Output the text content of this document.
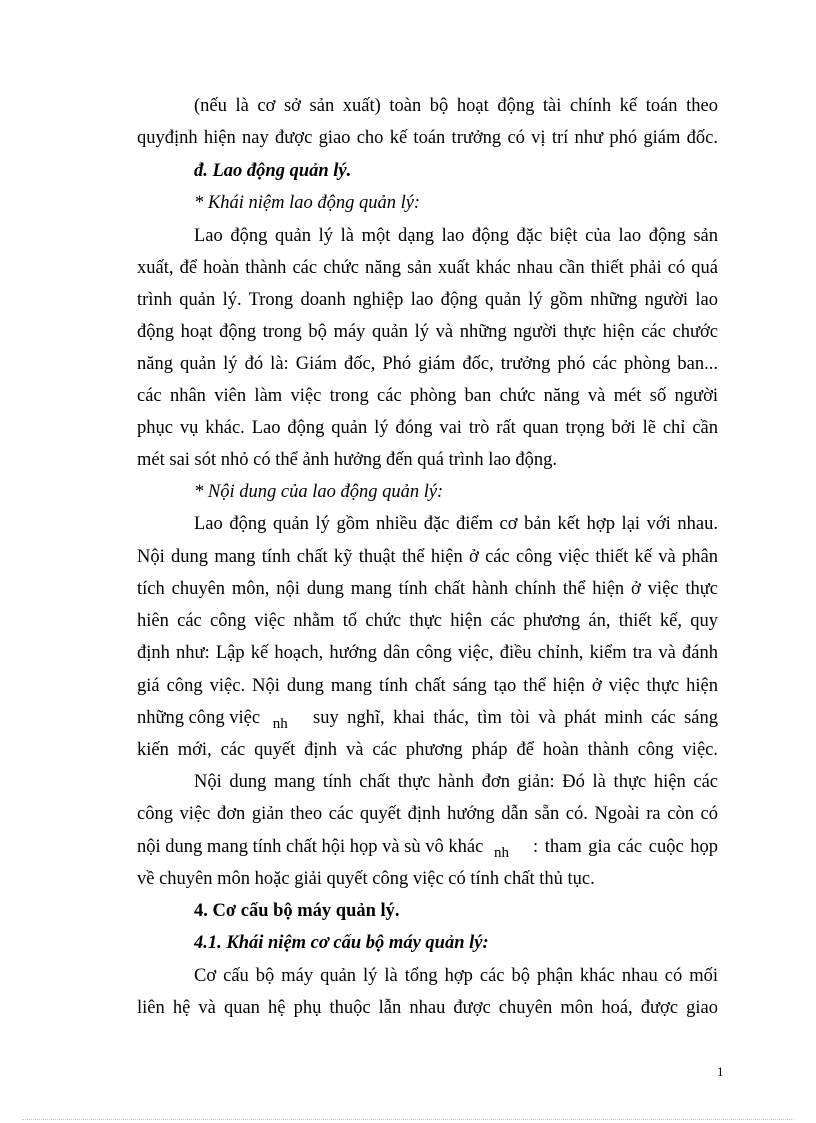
(nếu là cơ sở sản xuất) toàn bộ hoạt động tài chính kế toán theo
quyđịnh hiện nay được giao cho kế toán trưởng có vị trí như phó giám đốc.
đ. Lao động quản lý.
* Khái niệm lao động quản lý:
Lao động quản lý là một dạng lao động đặc biệt của lao động sản
xuất, để hoàn thành các chức năng sản xuất khác nhau cần thiết phải có quá
trình quản lý. Trong doanh nghiệp lao động quản lý gồm những người lao
động hoạt động trong bộ máy quản lý và những người thực hiện các chước
năng quản lý đó là: Giám đốc, Phó giám đốc, trưởng phó các phòng ban...
các nhân viên làm việc trong các phòng ban chức năng và mét số người
phục vụ khác. Lao động quản lý đóng vai trò rất quan trọng bởi lẽ chỉ cần
mét sai sót nhỏ có thể ảnh hưởng đến quá trình lao động.
* Nội dung của lao động quản lý:
Lao động quản lý gồm nhiều đặc điểm cơ bản kết hợp lại với nhau.
Nội dung mang tính chất kỹ thuật thể hiện ở các công việc thiết kế và phân
tích chuyên môn, nội dung mang tính chất hành chính thể hiện ở việc thực
hiên các công việc nhằm tổ chức thực hiện các phương án, thiết kế, quy
định như: Lập kế hoạch, hướng dân công việc, điều chỉnh, kiểm tra và đánh
giá công việc. Nội dung mang tính chất sáng tạo thể hiện ở việc thực hiện
những công việc $_{nh}$ suy nghĩ, khai thác, tìm tòi và phát minh các sáng
kiến mới, các quyết định và các phương pháp để hoàn thành công việc.
Nội dung mang tính chất thực hành đơn giản: Đó là thực hiện các
công việc đơn giản theo các quyết định hướng dẫn sẵn có. Ngoài ra còn có
nội dung mang tính chất hội họp và sù vô khác $_{nh}$ : tham gia các cuộc họp
về chuyên môn hoặc giải quyết công việc có tính chất thủ tục.
4. Cơ cấu bộ máy quản lý.
4.1. Khái niệm cơ cấu bộ máy quản lý:
Cơ cấu bộ máy quản lý là tổng hợp các bộ phận khác nhau có mối
liên hệ và quan hệ phụ thuộc lẫn nhau được chuyên môn hoá, được giao
1
